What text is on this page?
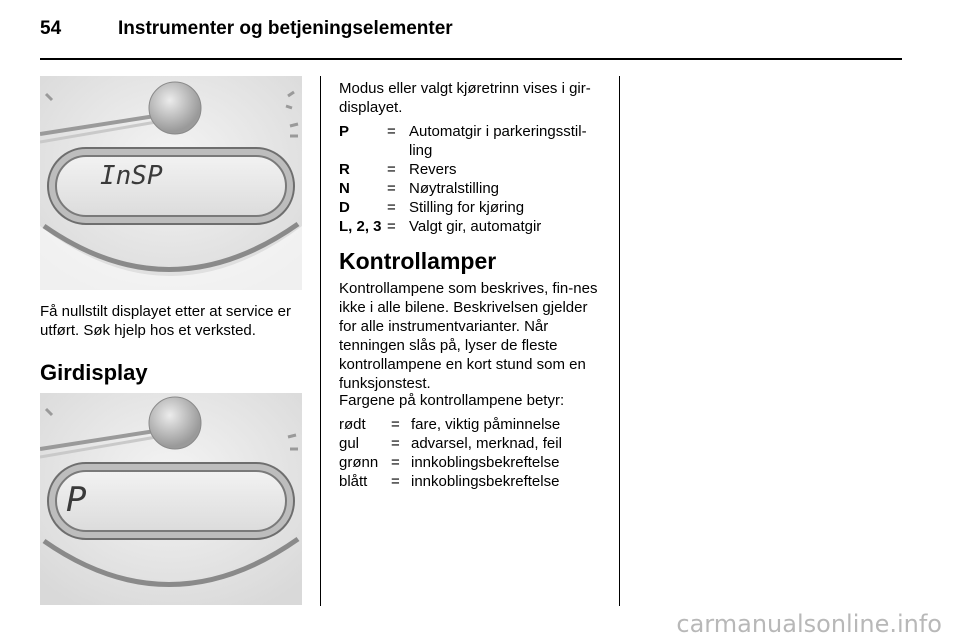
54	Instrumenter og betjeningselementer
InSP
Få nullstilt displayet etter at service er utført. Søk hjelp hos et verksted.
Girdisplay
P
Modus eller valgt kjøretrinn vises i gir-displayet.
P	= Automatgir i parkeringsstil-ling
R	= Revers
N	= Nøytralstilling
D	= Stilling for kjøring
L, 2, 3 = Valgt gir, automatgir
Kontrollamper
Kontrollampene som beskrives, fin-nes ikke i alle bilene. Beskrivelsen gjelder for alle instrumentvarianter. Når tenningen slås på, lyser de fleste kontrollampene en kort stund som en funksjonstest.
Fargene på kontrollampene betyr:
rødt	= fare, viktig påminnelse
gul	= advarsel, merknad, feil
grønn = innkoblingsbekreftelse
blått	= innkoblingsbekreftelse
carmanualsonline.info
